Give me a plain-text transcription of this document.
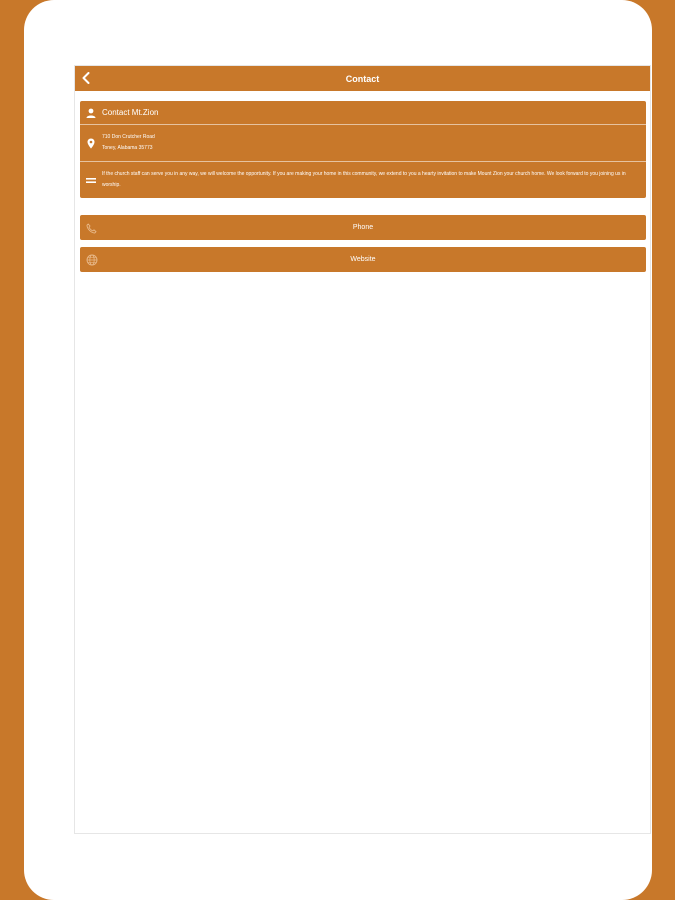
Contact
Contact Mt.Zion
710 Don Crutcher Road
Toney, Alabama 35773
If the church staff can serve you in any way, we will welcome the opportunity. If you are making your home in this community, we extend to you a hearty invitation to make Mount Zion your church home. We look forward to you joining us in worship.
Phone
Website
